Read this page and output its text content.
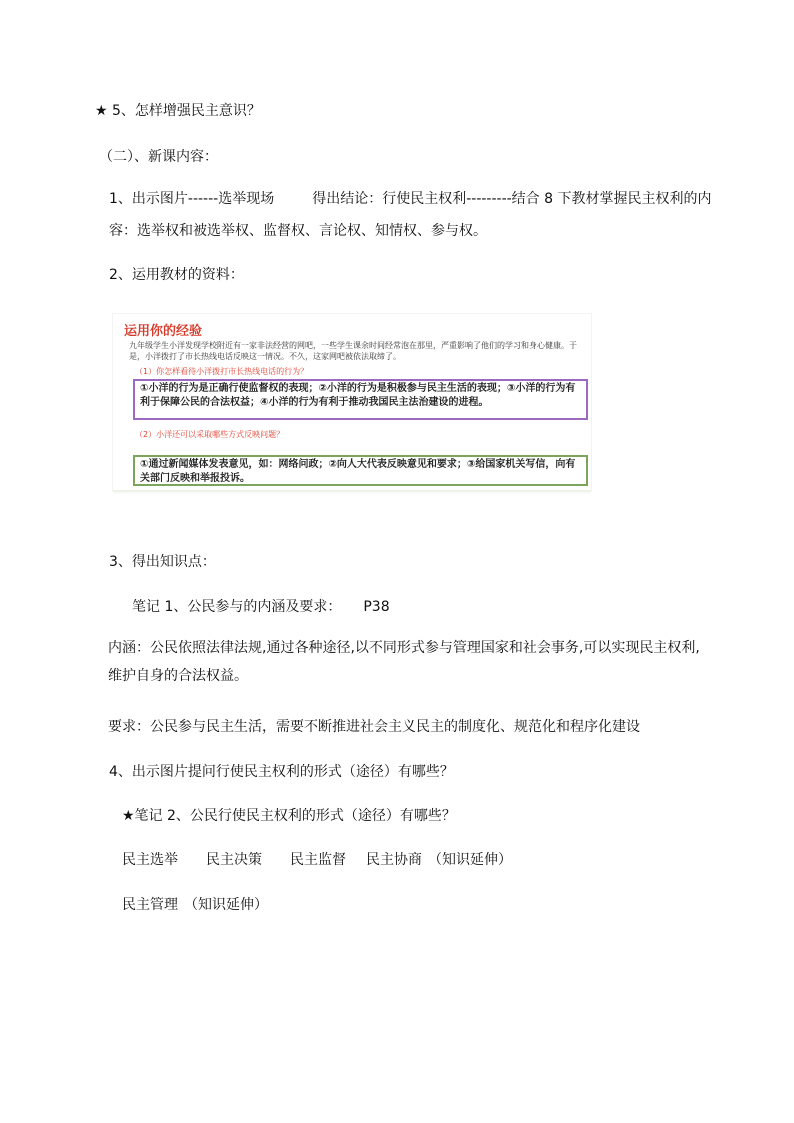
★ 5、怎样增强民主意识？
（二）、新课内容：
1、出示图片------选举现场	得出结论：行使民主权利---------结合 8 下教材掌握民主权利的内
容：选举权和被选举权、监督权、言论权、知情权、参与权。
2、运用教材的资料：
运用你的经验
九年级学生小洋发现学校附近有一家非法经营的网吧，一些学生课余时间经常泡在那里，严重影响了他们的学习和身心健康。于是，小洋拨打了市长热线电话反映这一情况。不久，这家网吧被依法取缔了。
（1）你怎样看待小洋拨打市长热线电话的行为？
①小洋的行为是正确行使监督权的表现；②小洋的行为是积极参与民主生活的表现；③小洋的行为有利于保障公民的合法权益；④小洋的行为有利于推动我国民主法治建设的进程。
（2）小洋还可以采取哪些方式反映问题？
①通过新闻媒体发表意见，如：网络问政；②向人大代表反映意见和要求；③给国家机关写信，向有关部门反映和举报投诉。
3、得出知识点：
笔记 1、公民参与的内涵及要求： P38
内涵：公民依照法律法规,通过各种途径,以不同形式参与管理国家和社会事务,可以实现民主权利,维护自身的合法权益。
要求：公民参与民主生活，需要不断推进社会主义民主的制度化、规范化和程序化建设
4、出示图片提问行使民主权利的形式（途径）有哪些？
★笔记 2、公民行使民主权利的形式（途径）有哪些？
民主选举 民主决策 民主监督 民主协商 （知识延伸）
民主管理 （知识延伸）
